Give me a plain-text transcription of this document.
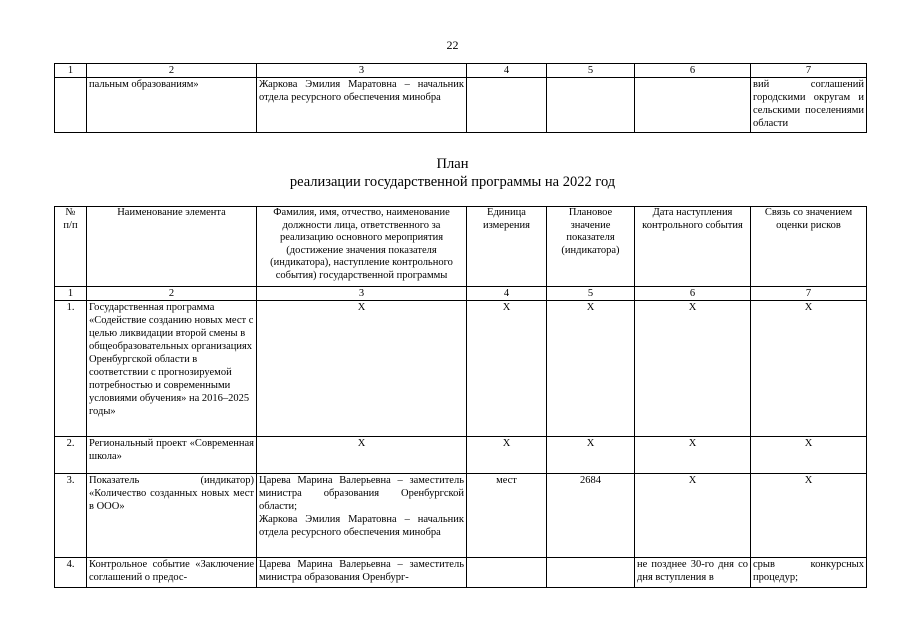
22
1	2	3	4	5	6	7
	пальным образованиям»	Жаркова Эмилия Маратовна – начальник отдела ресурсного обеспечения минобра				вий соглашений городскими округам и сельскими поселениями области
План
реализации государственной программы на 2022 год
№
п/п	Наименование элемента	Фамилия, имя, отчество, наименование должности лица, ответственного за реализацию основного мероприятия (достижение значения показателя (индикатора), наступление контрольного события) государственной программы	Единица измерения	Плановое значение показателя (индикатора)	Дата наступления контрольного события	Связь со значением оценки рисков
1	2	3	4	5	6	7
1.	Государственная программа «Содействие созданию новых мест с целью ликвидации второй смены в общеобразовательных организациях Оренбургской области в соответствии с прогнозируемой потребностью и современными условиями обучения» на 2016–2025 годы»	X	X	X	X	X
2.	Региональный проект «Современная школа»	X	X	X	X	X
3.	Показатель (индикатор) «Количество созданных новых мест в ООО»	Царева Марина Валерьевна – заместитель министра образования Оренбургской области;
Жаркова Эмилия Маратовна – начальник отдела ресурсного обеспечения минобра	мест	2684	X	X
4.	Контрольное событие «Заключение соглашений о предос-	Царева Марина Валерьевна – заместитель министра образования Оренбург-			не позднее 30-го дня со дня вступления в	срыв конкурсных процедур;
